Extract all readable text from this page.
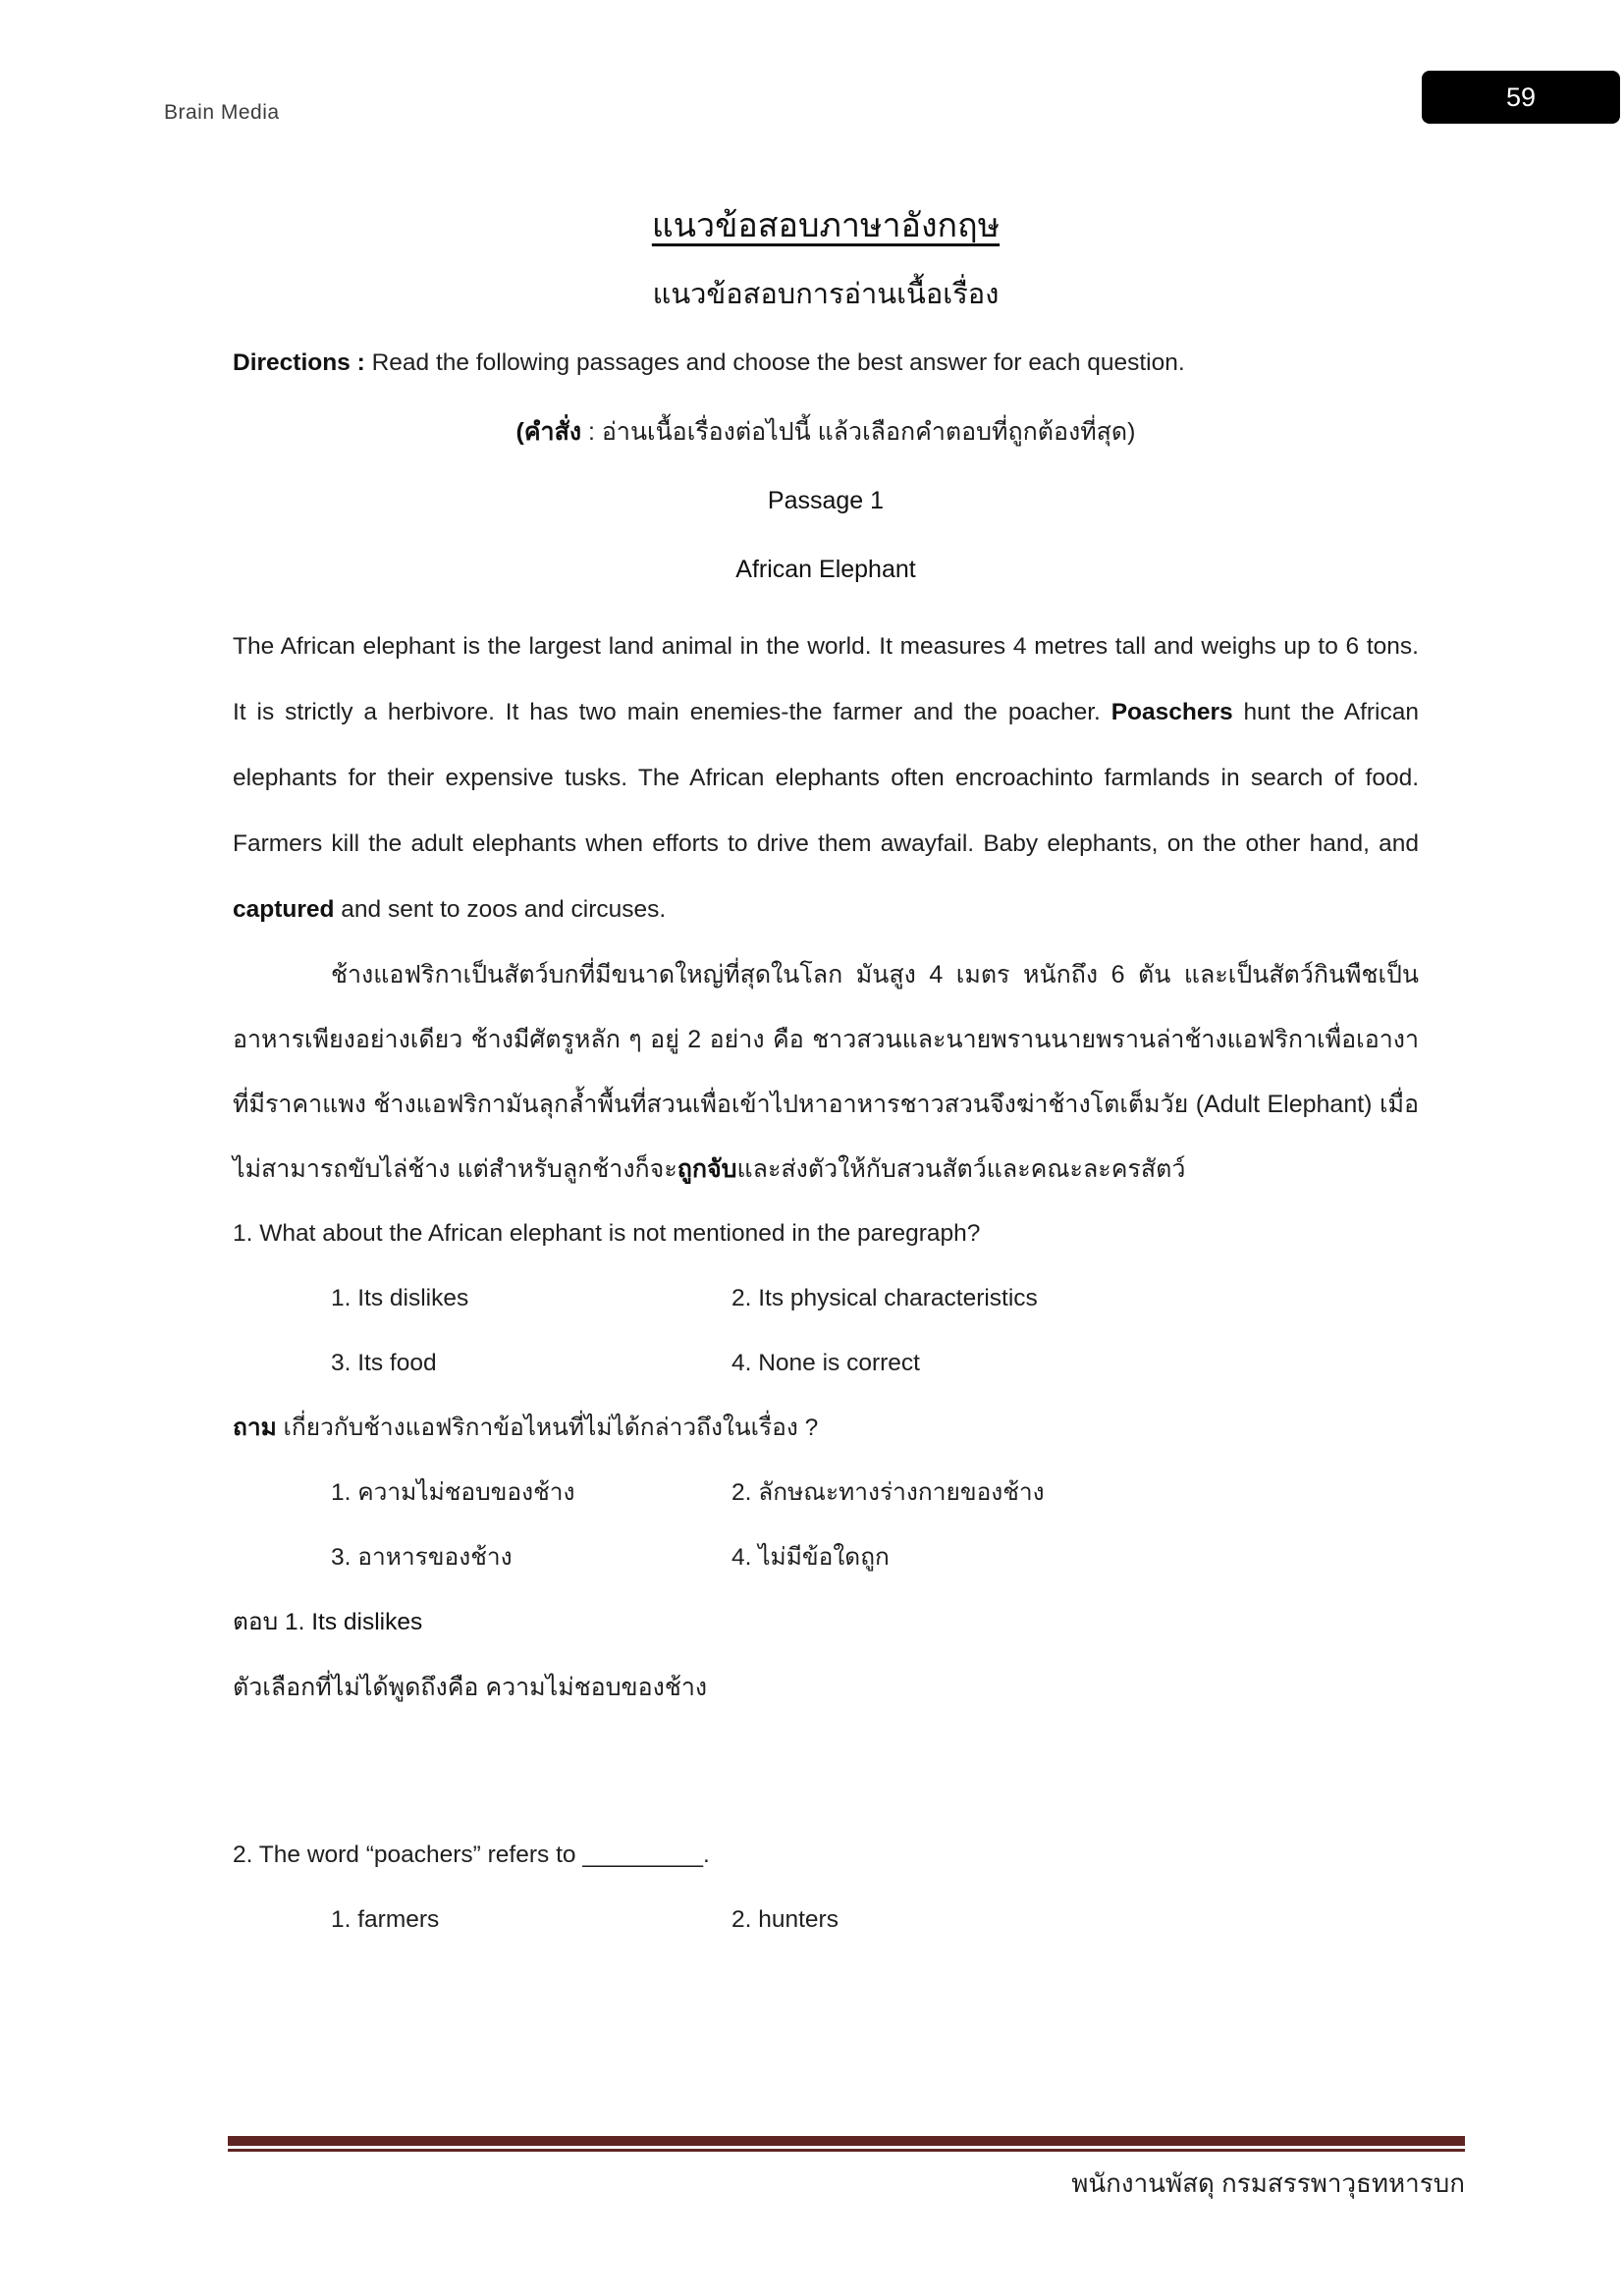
Brain Media
59
แนวข้อสอบภาษาอังกฤษ
แนวข้อสอบการอ่านเนื้อเรื่อง

Directions : Read the following passages and choose the best answer for each question.

(คำสั่ง : อ่านเนื้อเรื่องต่อไปนี้ แล้วเลือกคำตอบที่ถูกต้องที่สุด)

Passage 1
African Elephant

The African elephant is the largest land animal in the world. It measures 4 metres tall and weighs up to 6 tons. It is strictly a herbivore. It has two main enemies-the farmer and the poacher. Poaschers hunt the African elephants for their expensive tusks. The African elephants often encroachinto farmlands in search of food. Farmers kill the adult elephants when efforts to drive them awayfail. Baby elephants, on the other hand, and captured and sent to zoos and circuses.

ช้างแอฟริกาเป็นสัตว์บกที่มีขนาดใหญ่ที่สุดในโลก มันสูง 4 เมตร หนักถึง 6 ตัน และเป็นสัตว์กินพืชเป็นอาหารเพียงอย่างเดียว ช้างมีศัตรูหลัก ๆ อยู่ 2 อย่าง คือ ชาวสวนและนายพรานนายพรานล่าช้างแอฟริกาเพื่อเอางาที่มีราคาแพง ช้างแอฟริกามันลุกล้ำพื้นที่สวนเพื่อเข้าไปหาอาหารชาวสวนจึงฆ่าช้างโตเต็มวัย (Adult Elephant) เมื่อไม่สามารถขับไล่ช้าง แต่สำหรับลูกช้างก็จะถูกจับและส่งตัวให้กับสวนสัตว์และคณะละครสัตว์

1. What about the African elephant is not mentioned in the paregraph?

1. Its dislikes	2. Its physical characteristics
3. Its food	4. None is correct

ถาม เกี่ยวกับช้างแอฟริกาข้อไหนที่ไม่ได้กล่าวถึงในเรื่อง ?

1. ความไม่ชอบของช้าง	2. ลักษณะทางร่างกายของช้าง
3. อาหารของช้าง	4. ไม่มีข้อใดถูก

ตอบ 1. Its dislikes

ตัวเลือกที่ไม่ได้พูดถึงคือ ความไม่ชอบของช้าง

2. The word “poachers” refers to _________.

1. farmers	2. hunters
พนักงานพัสดุ กรมสรรพาวุธทหารบก
